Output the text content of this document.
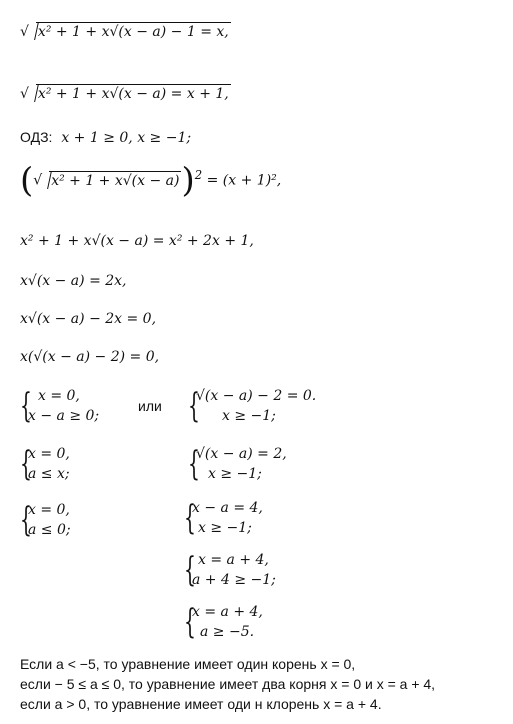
√ x² + 1 + x√(x − a) − 1 = x,
√ x² + 1 + x√(x − a) = x + 1,
ОДЗ: x + 1 ≥ 0, x ≥ −1;
(√ x² + 1 + x√(x − a))$^2$ = (x + 1)²,
x² + 1 + x√(x − a) = x² + 2x + 1,
x√(x − a) = 2x,
x√(x − a) − 2x = 0,
x(√(x − a) − 2) = 0,
{ x = 0,
x − a ≥ 0;
или
{
x = 0,
a ≤ x;
{
x = 0,
a ≤ 0;
{
√(x − a) − 2 = 0.
x ≥ −1;
{
√(x − a) = 2,
x ≥ −1;
{
x − a = 4,
x ≥ −1;
{ x = a + 4,
a + 4 ≥ −1;
{
x = a + 4,
a ≥ −5.
Если a < −5, то уравнение имеет один корень x = 0,
если − 5 ≤ a ≤ 0, то уравнение имеет два корня x = 0 и x = a + 4,
если a > 0, то уравнение имеет оди н клорень x = a + 4.
